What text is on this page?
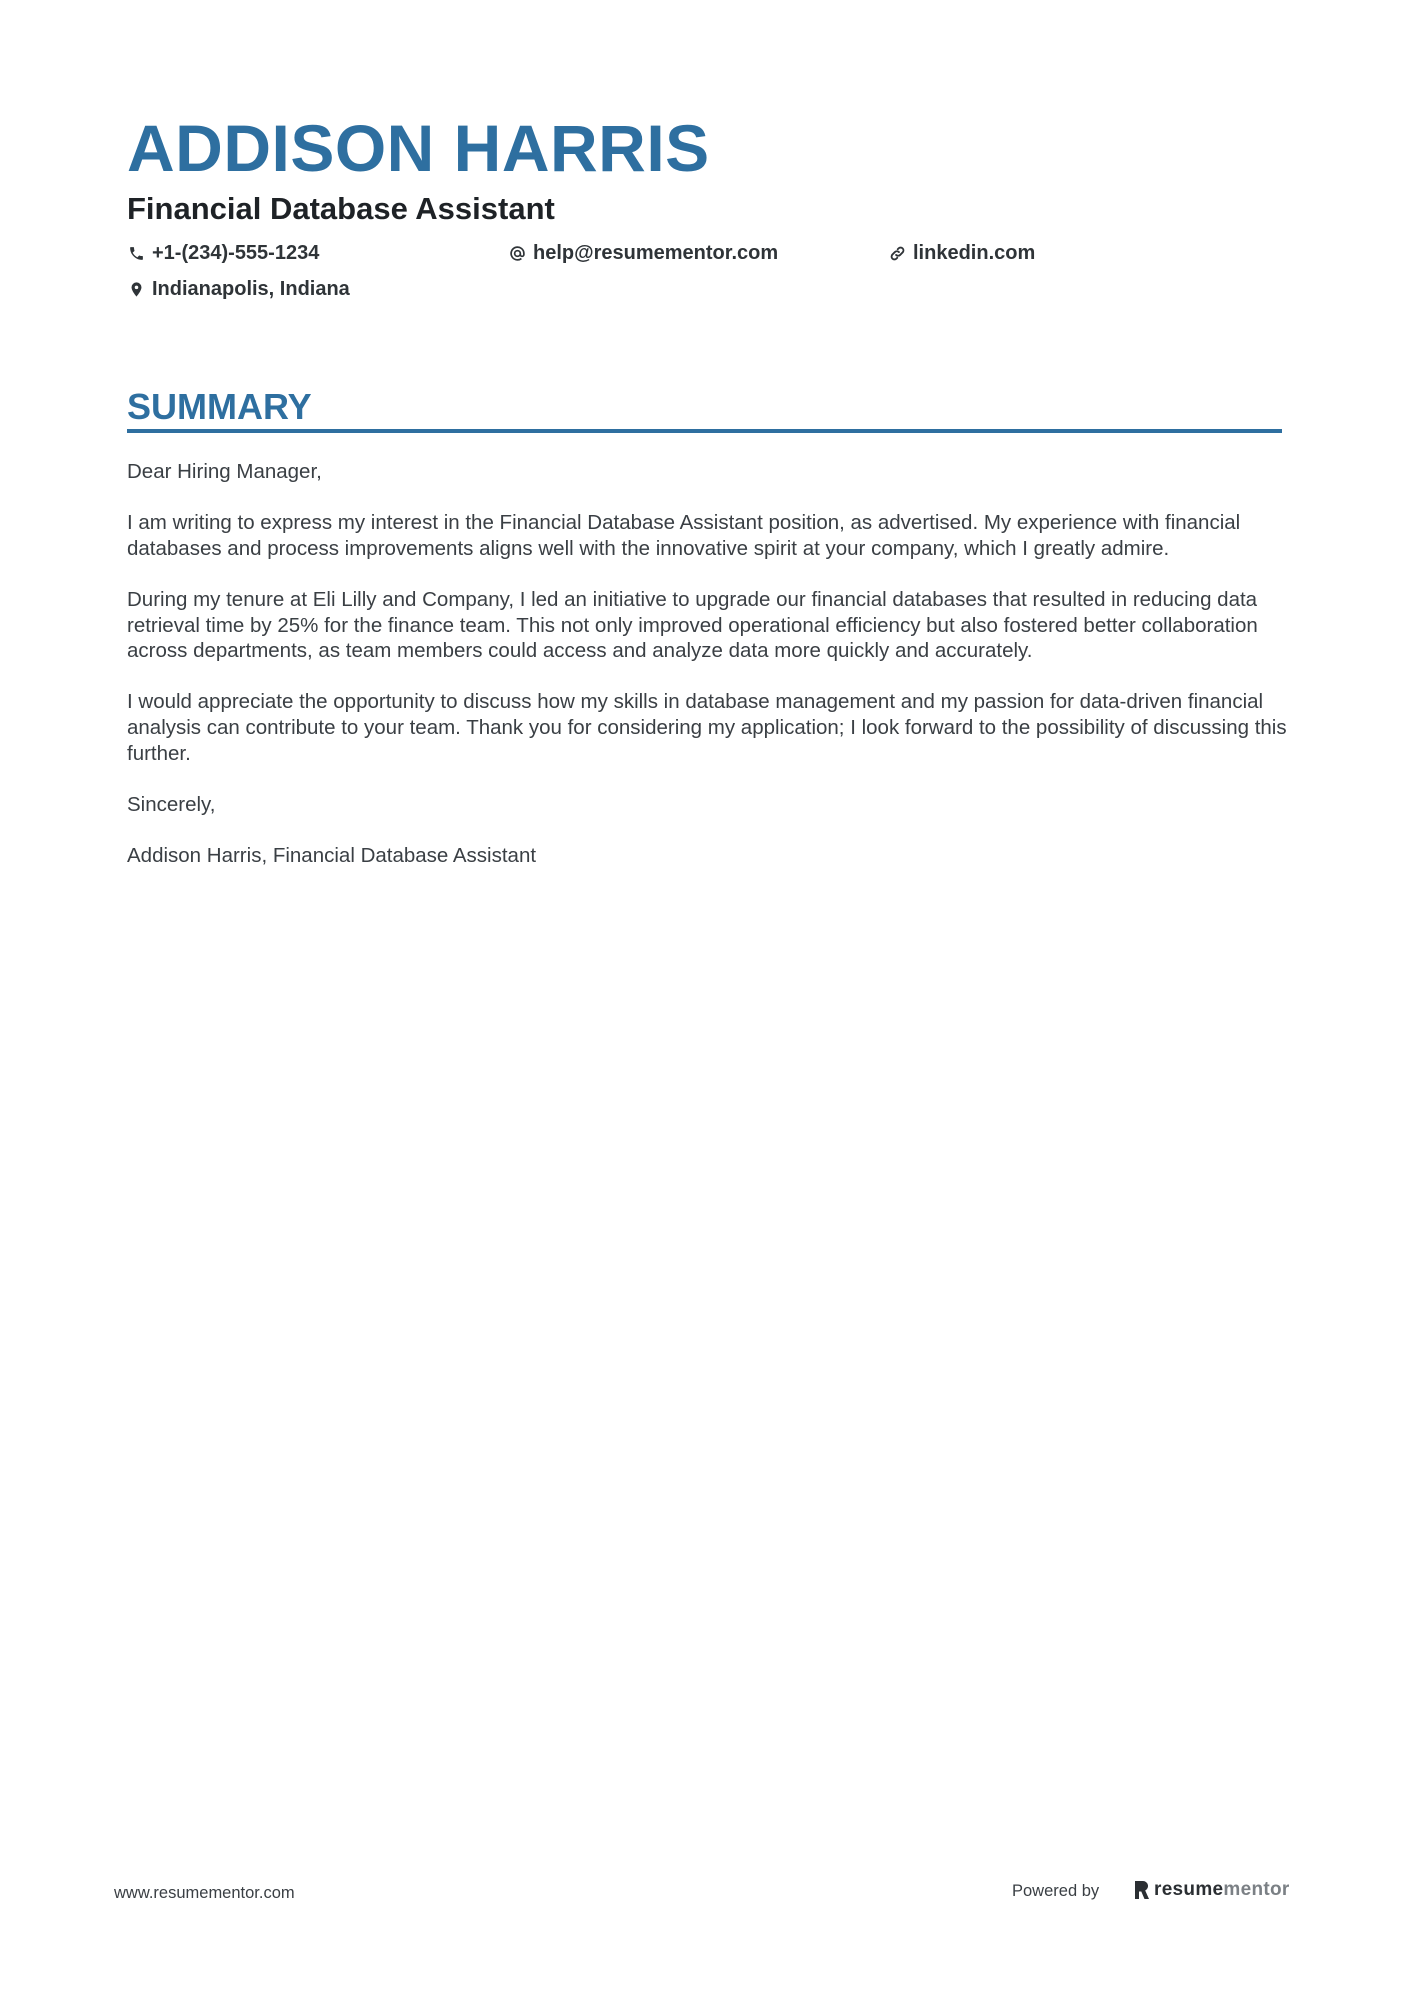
ADDISON HARRIS
Financial Database Assistant
+1-(234)-555-1234	help@resumementor.com	linkedin.com
Indianapolis, Indiana
SUMMARY

Dear Hiring Manager,

I am writing to express my interest in the Financial Database Assistant position, as advertised. My experience with financial databases and process improvements aligns well with the innovative spirit at your company, which I greatly admire.

During my tenure at Eli Lilly and Company, I led an initiative to upgrade our financial databases that resulted in reducing data retrieval time by 25% for the finance team. This not only improved operational efficiency but also fostered better collaboration across departments, as team members could access and analyze data more quickly and accurately.

I would appreciate the opportunity to discuss how my skills in database management and my passion for data-driven financial analysis can contribute to your team. Thank you for considering my application; I look forward to the possibility of discussing this further.

Sincerely,

Addison Harris, Financial Database Assistant

www.resumementor.com	Powered by	resume mentor
